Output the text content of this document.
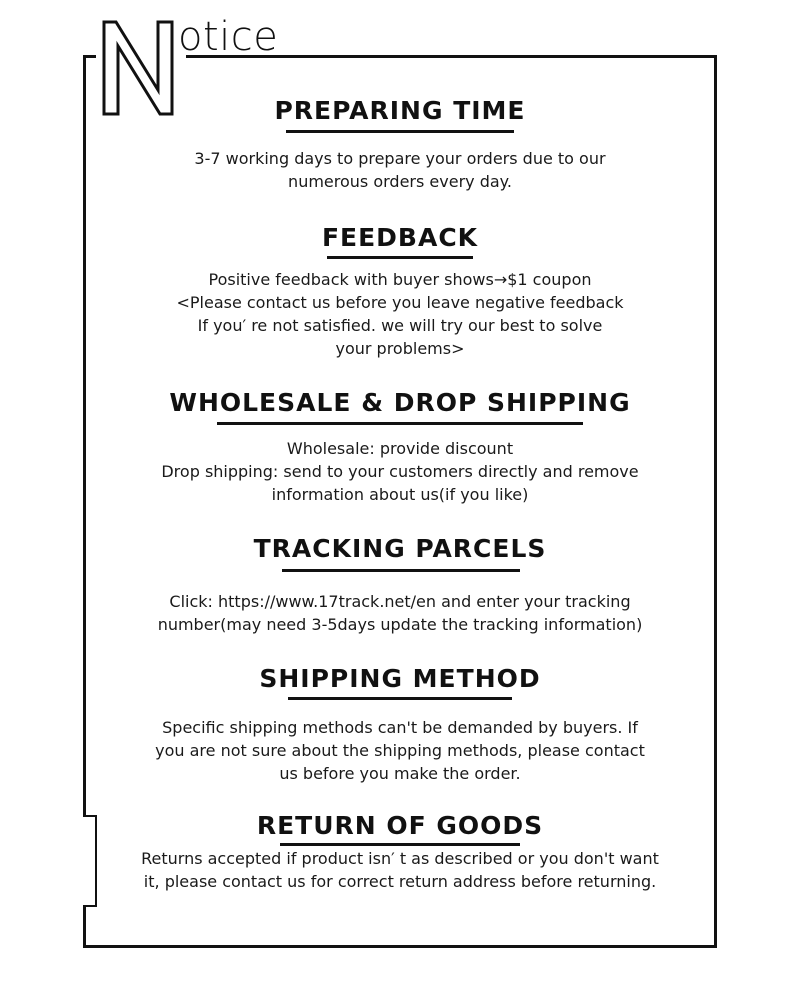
otice
PREPARING TIME

3-7 working days to prepare your orders due to our

numerous orders every day.

FEEDBACK

Positive feedback with buyer shows→$1 coupon

<Please contact us before you leave negative feedback

If you′ re not satisfied. we will try our best to solve

your problems>

WHOLESALE & DROP SHIPPING

Wholesale: provide discount

Drop shipping: send to your customers directly and remove

information about us(if you like)

TRACKING PARCELS

Click: https://www.17track.net/en and enter your tracking

number(may need 3-5days update the tracking information)

SHIPPING METHOD

Specific shipping methods can't be demanded by buyers. If

you are not sure about the shipping methods, please contact

us before you make the order.

RETURN OF GOODS

Returns accepted if product isn′ t as described or you don't want

it, please contact us for correct return address before returning.
